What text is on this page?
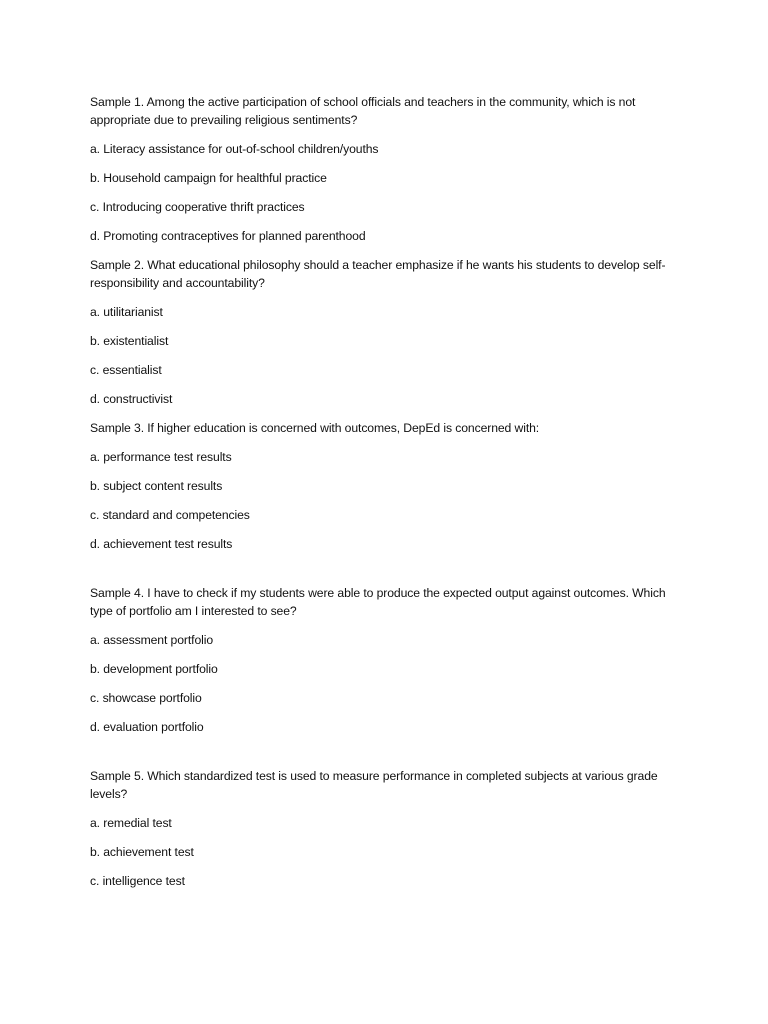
Sample 1. Among the active participation of school officials and teachers in the community, which is not appropriate due to prevailing religious sentiments?

a. Literacy assistance for out-of-school children/youths

b. Household campaign for healthful practice

c. Introducing cooperative thrift practices

d. Promoting contraceptives for planned parenthood

Sample 2. What educational philosophy should a teacher emphasize if he wants his students to develop self-responsibility and accountability?

a. utilitarianist

b. existentialist

c. essentialist

d. constructivist

Sample 3. If higher education is concerned with outcomes, DepEd is concerned with:

a. performance test results

b. subject content results

c. standard and competencies

d. achievement test results

Sample 4. I have to check if my students were able to produce the expected output against outcomes. Which type of portfolio am I interested to see?

a. assessment portfolio

b. development portfolio

c. showcase portfolio

d. evaluation portfolio

Sample 5. Which standardized test is used to measure performance in completed subjects at various grade levels?

a. remedial test

b. achievement test

c. intelligence test
